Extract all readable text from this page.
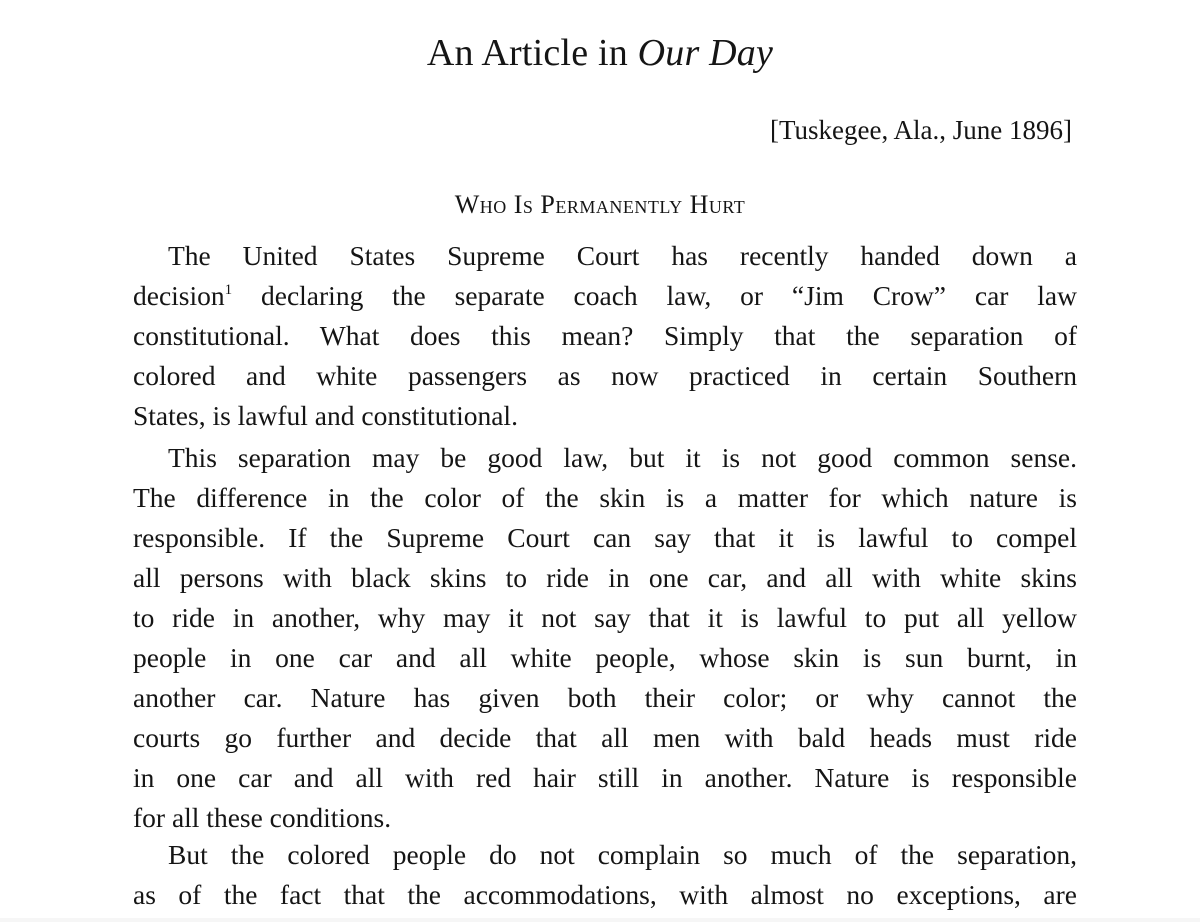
An Article in Our Day
[Tuskegee, Ala., June 1896]
Who Is Permanently Hurt
The United States Supreme Court has recently handed down a
decision$^1$ declaring the separate coach law, or “Jim Crow” car law
constitutional. What does this mean? Simply that the separation of
colored and white passengers as now practiced in certain Southern
States, is lawful and constitutional.
This separation may be good law, but it is not good common sense.
The difference in the color of the skin is a matter for which nature is
responsible. If the Supreme Court can say that it is lawful to compel
all persons with black skins to ride in one car, and all with white skins
to ride in another, why may it not say that it is lawful to put all yellow
people in one car and all white people, whose skin is sun burnt, in
another car. Nature has given both their color; or why cannot the
courts go further and decide that all men with bald heads must ride
in one car and all with red hair still in another. Nature is responsible
for all these conditions.
But the colored people do not complain so much of the separation,
as of the fact that the accommodations, with almost no exceptions, are
